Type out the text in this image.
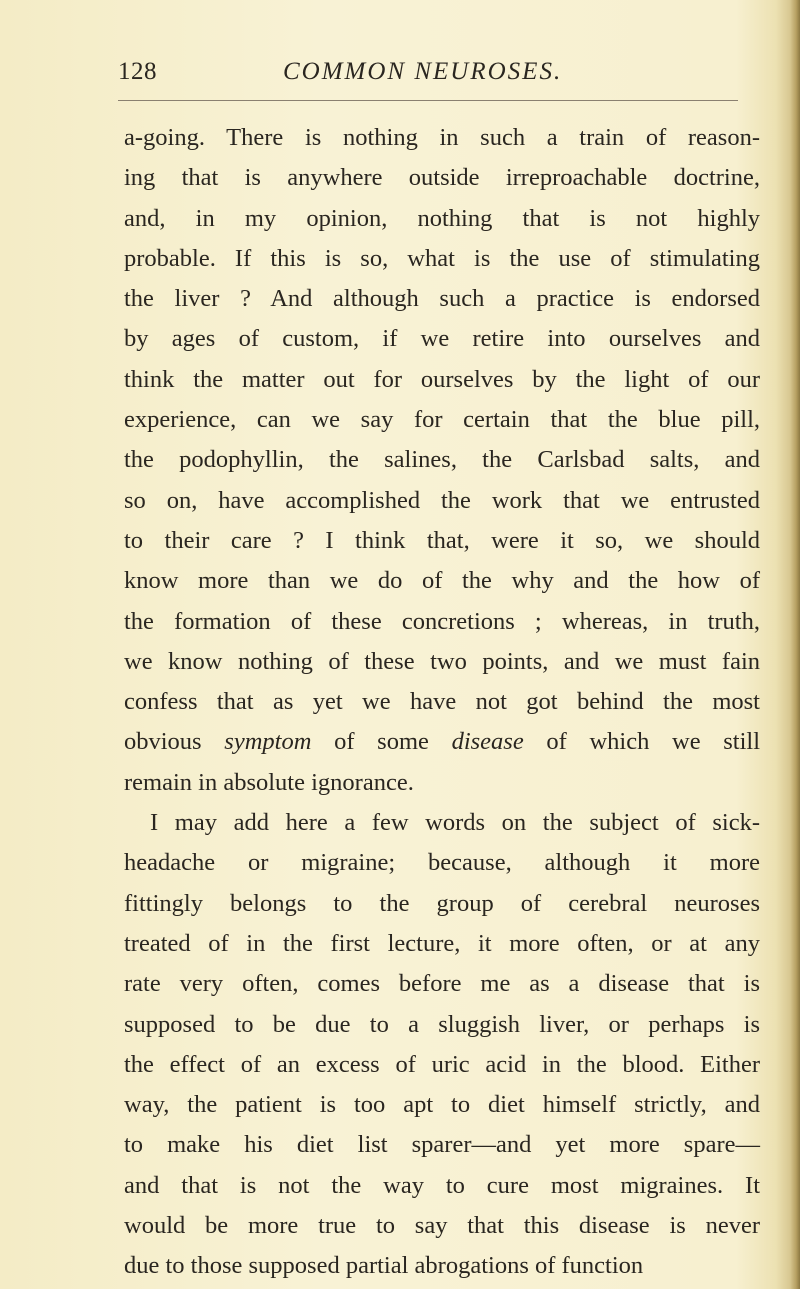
128	COMMON NEUROSES.
a-going. There is nothing in such a train of reason-
ing that is anywhere outside irreproachable doctrine,
and, in my opinion, nothing that is not highly
probable. If this is so, what is the use of stimulating
the liver ? And although such a practice is endorsed
by ages of custom, if we retire into ourselves and
think the matter out for ourselves by the light of our
experience, can we say for certain that the blue pill,
the podophyllin, the salines, the Carlsbad salts, and
so on, have accomplished the work that we entrusted
to their care ? I think that, were it so, we should
know more than we do of the why and the how of
the formation of these concretions ; whereas, in truth,
we know nothing of these two points, and we must fain
confess that as yet we have not got behind the most
obvious symptom of some disease of which we still
remain in absolute ignorance.
I may add here a few words on the subject of sick-
headache or migraine; because, although it more
fittingly belongs to the group of cerebral neuroses
treated of in the first lecture, it more often, or at any
rate very often, comes before me as a disease that is
supposed to be due to a sluggish liver, or perhaps is
the effect of an excess of uric acid in the blood. Either
way, the patient is too apt to diet himself strictly, and
to make his diet list sparer—and yet more spare—
and that is not the way to cure most migraines. It
would be more true to say that this disease is never
due to those supposed partial abrogations of function
